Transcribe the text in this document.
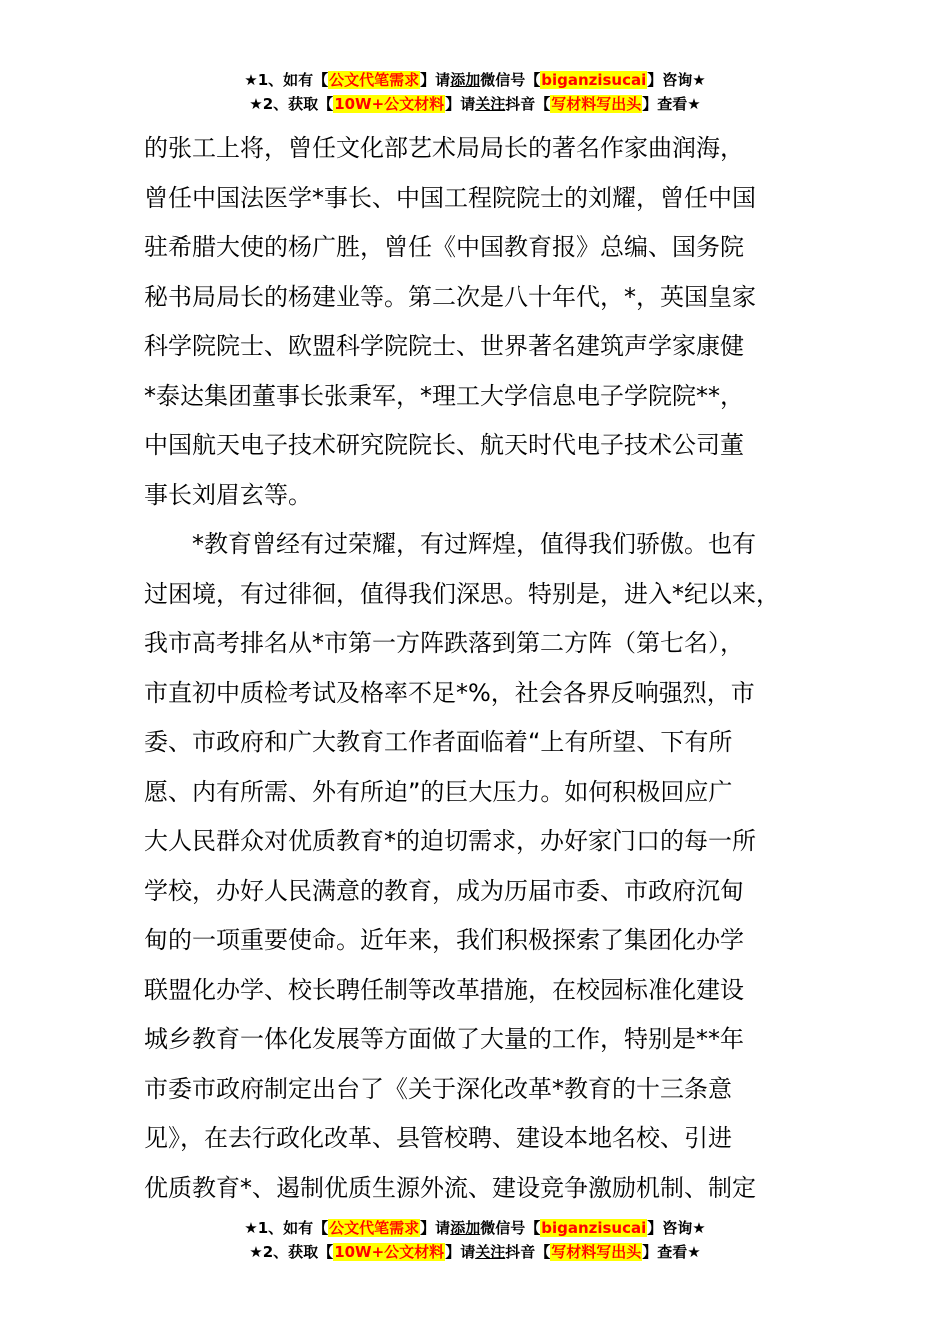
★1、如有【公文代笔需求】请添加微信号【biganzisucai】咨询★
★2、获取【10W+公文材料】请关注抖音【写材料写出头】查看★

的张工上将，曾任文化部艺术局局长的著名作家曲润海，

曾任中国法医学*事长、中国工程院院士的刘耀，曾任中国

驻希腊大使的杨广胜，曾任《中国教育报》总编、国务院

秘书局局长的杨建业等。第二次是八十年代，*，英国皇家

科学院院士、欧盟科学院院士、世界著名建筑声学家康健

*泰达集团董事长张秉军，*理工大学信息电子学院院**，

中国航天电子技术研究院院长、航天时代电子技术公司董

事长刘眉玄等。

*教育曾经有过荣耀，有过辉煌，值得我们骄傲。也有

过困境，有过徘徊，值得我们深思。特别是，进入*纪以来，

我市高考排名从*市第一方阵跌落到第二方阵（第七名），

市直初中质检考试及格率不足*%，社会各界反响强烈，市

委、市政府和广大教育工作者面临着“上有所望、下有所

愿、内有所需、外有所迫”的巨大压力。如何积极回应广

大人民群众对优质教育*的迫切需求，办好家门口的每一所

学校，办好人民满意的教育，成为历届市委、市政府沉甸

甸的一项重要使命。近年来，我们积极探索了集团化办学

联盟化办学、校长聘任制等改革措施，在校园标准化建设

城乡教育一体化发展等方面做了大量的工作，特别是**年

市委市政府制定出台了《关于深化改革*教育的十三条意

见》，在去行政化改革、县管校聘、建设本地名校、引进

优质教育*、遏制优质生源外流、建设竞争激励机制、制定

★1、如有【公文代笔需求】请添加微信号【biganzisucai】咨询★
★2、获取【10W+公文材料】请关注抖音【写材料写出头】查看★
